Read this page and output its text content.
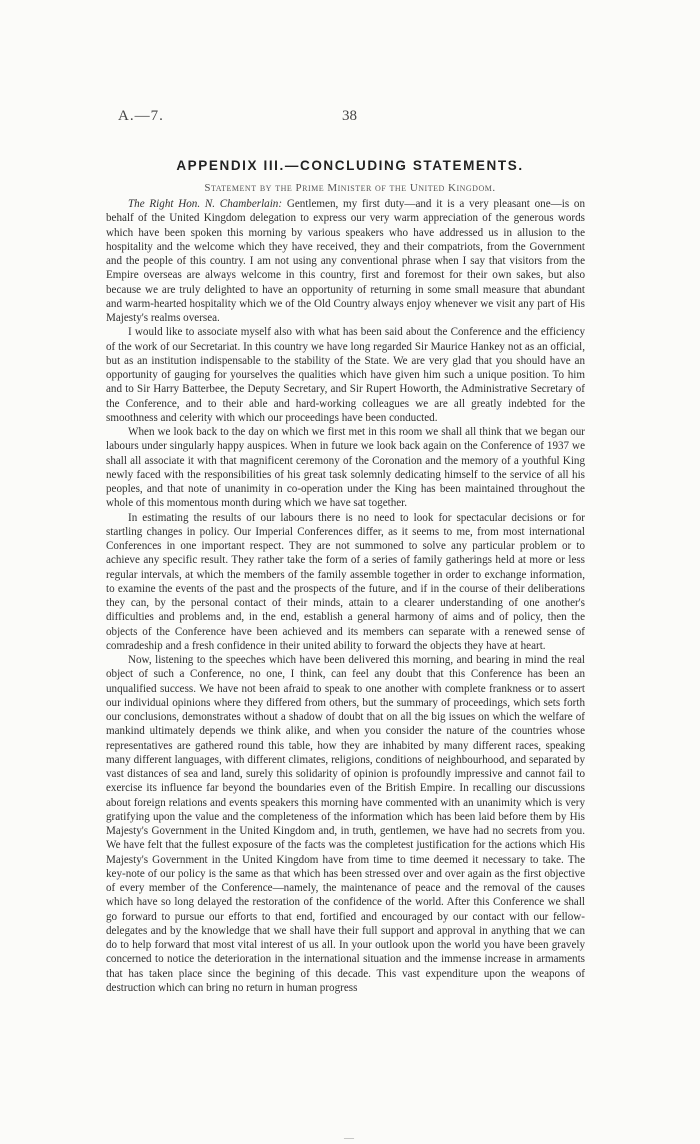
A.—7.	38
APPENDIX III.—CONCLUDING STATEMENTS.
Statement by the Prime Minister of the United Kingdom.

The Right Hon. N. Chamberlain: Gentlemen, my first duty—and it is a very pleasant one—is on behalf of the United Kingdom delegation to express our very warm appreciation of the generous words which have been spoken this morning by various speakers who have addressed us in allusion to the hospitality and the welcome which they have received, they and their compatriots, from the Government and the people of this country. I am not using any conventional phrase when I say that visitors from the Empire overseas are always welcome in this country, first and foremost for their own sakes, but also because we are truly delighted to have an opportunity of returning in some small measure that abundant and warm-hearted hospitality which we of the Old Country always enjoy whenever we visit any part of His Majesty's realms oversea.

I would like to associate myself also with what has been said about the Conference and the efficiency of the work of our Secretariat. In this country we have long regarded Sir Maurice Hankey not as an official, but as an institution indispensable to the stability of the State. We are very glad that you should have an opportunity of gauging for yourselves the qualities which have given him such a unique position. To him and to Sir Harry Batterbee, the Deputy Secretary, and Sir Rupert Howorth, the Administrative Secretary of the Conference, and to their able and hard-working colleagues we are all greatly indebted for the smoothness and celerity with which our proceedings have been conducted.

When we look back to the day on which we first met in this room we shall all think that we began our labours under singularly happy auspices. When in future we look back again on the Conference of 1937 we shall all associate it with that magnificent ceremony of the Coronation and the memory of a youthful King newly faced with the responsibilities of his great task solemnly dedicating himself to the service of all his peoples, and that note of unanimity in co-operation under the King has been maintained throughout the whole of this momentous month during which we have sat together.

In estimating the results of our labours there is no need to look for spectacular decisions or for startling changes in policy. Our Imperial Conferences differ, as it seems to me, from most international Conferences in one important respect. They are not summoned to solve any particular problem or to achieve any specific result. They rather take the form of a series of family gatherings held at more or less regular intervals, at which the members of the family assemble together in order to exchange information, to examine the events of the past and the prospects of the future, and if in the course of their deliberations they can, by the personal contact of their minds, attain to a clearer understanding of one another's difficulties and problems and, in the end, establish a general harmony of aims and of policy, then the objects of the Conference have been achieved and its members can separate with a renewed sense of comradeship and a fresh confidence in their united ability to forward the objects they have at heart.

Now, listening to the speeches which have been delivered this morning, and bearing in mind the real object of such a Conference, no one, I think, can feel any doubt that this Conference has been an unqualified success. We have not been afraid to speak to one another with complete frankness or to assert our individual opinions where they differed from others, but the summary of proceedings, which sets forth our conclusions, demonstrates without a shadow of doubt that on all the big issues on which the welfare of mankind ultimately depends we think alike, and when you consider the nature of the countries whose representatives are gathered round this table, how they are inhabited by many different races, speaking many different languages, with different climates, religions, conditions of neighbourhood, and separated by vast distances of sea and land, surely this solidarity of opinion is profoundly impressive and cannot fail to exercise its influence far beyond the boundaries even of the British Empire. In recalling our discussions about foreign relations and events speakers this morning have commented with an unanimity which is very gratifying upon the value and the completeness of the information which has been laid before them by His Majesty's Government in the United Kingdom and, in truth, gentlemen, we have had no secrets from you. We have felt that the fullest exposure of the facts was the completest justification for the actions which His Majesty's Government in the United Kingdom have from time to time deemed it necessary to take. The key-note of our policy is the same as that which has been stressed over and over again as the first objective of every member of the Conference—namely, the maintenance of peace and the removal of the causes which have so long delayed the restoration of the confidence of the world. After this Conference we shall go forward to pursue our efforts to that end, fortified and encouraged by our contact with our fellow-delegates and by the knowledge that we shall have their full support and approval in anything that we can do to help forward that most vital interest of us all. In your outlook upon the world you have been gravely concerned to notice the deterioration in the international situation and the immense increase in armaments that has taken place since the begining of this decade. This vast expenditure upon the weapons of destruction which can bring no return in human progress

—
